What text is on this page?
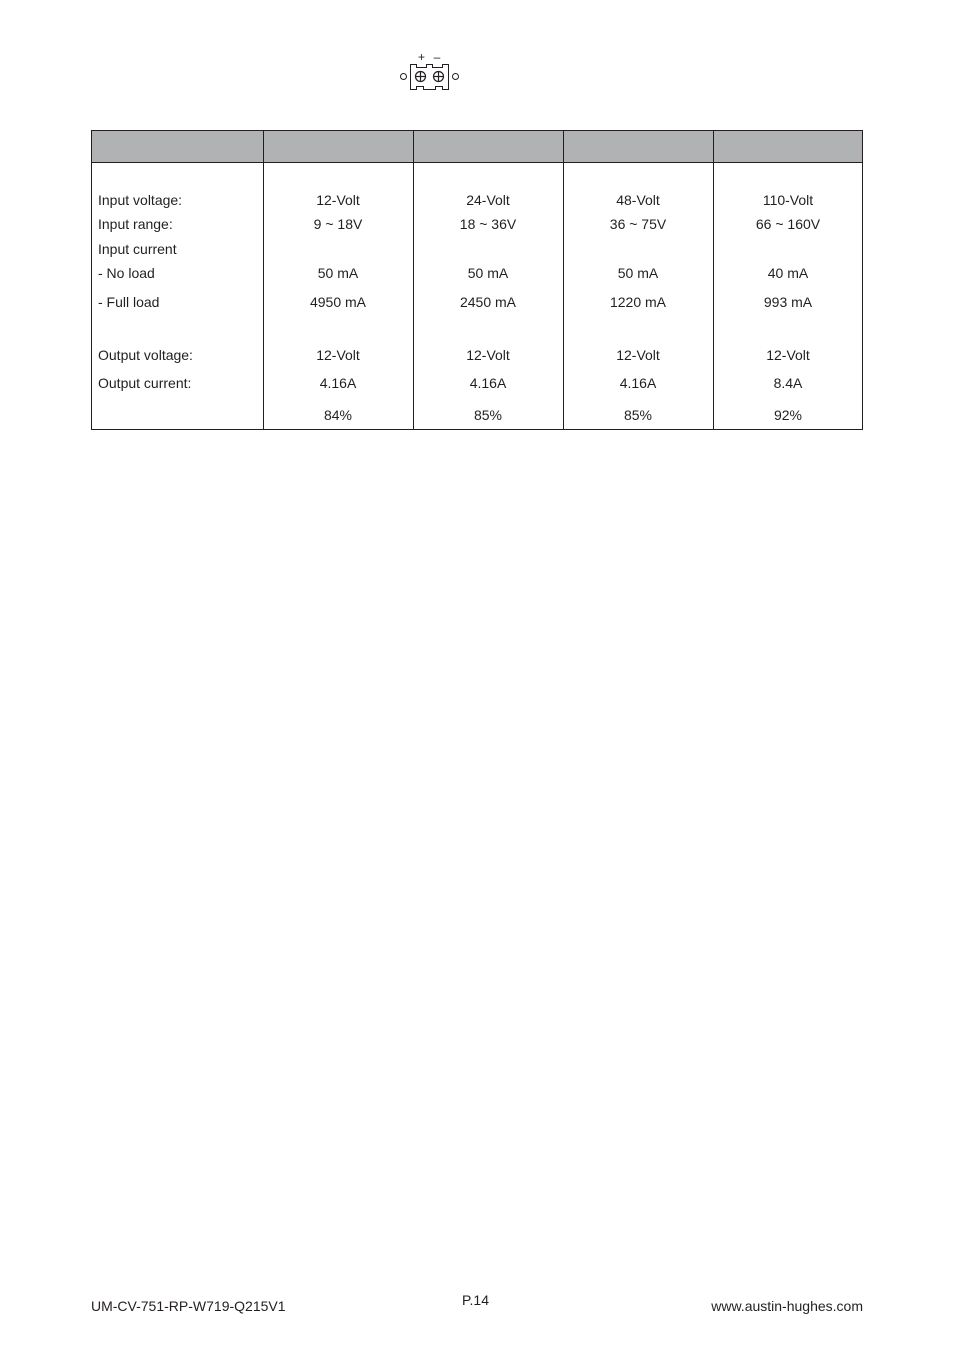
+ –
Input voltage:
Input range:
Input current
- No load
- Full load
Output voltage:
Output current:
12-Volt
9 ~ 18V
50 mA
4950 mA
12-Volt
4.16A
84%
24-Volt
18 ~ 36V
50 mA
2450 mA
12-Volt
4.16A
85%
48-Volt
36 ~ 75V
50 mA
1220 mA
12-Volt
4.16A
85%
110-Volt
66 ~ 160V
40 mA
993 mA
12-Volt
8.4A
92%
UM-CV-751-RP-W719-Q215V1	P.14	www.austin-hughes.com
